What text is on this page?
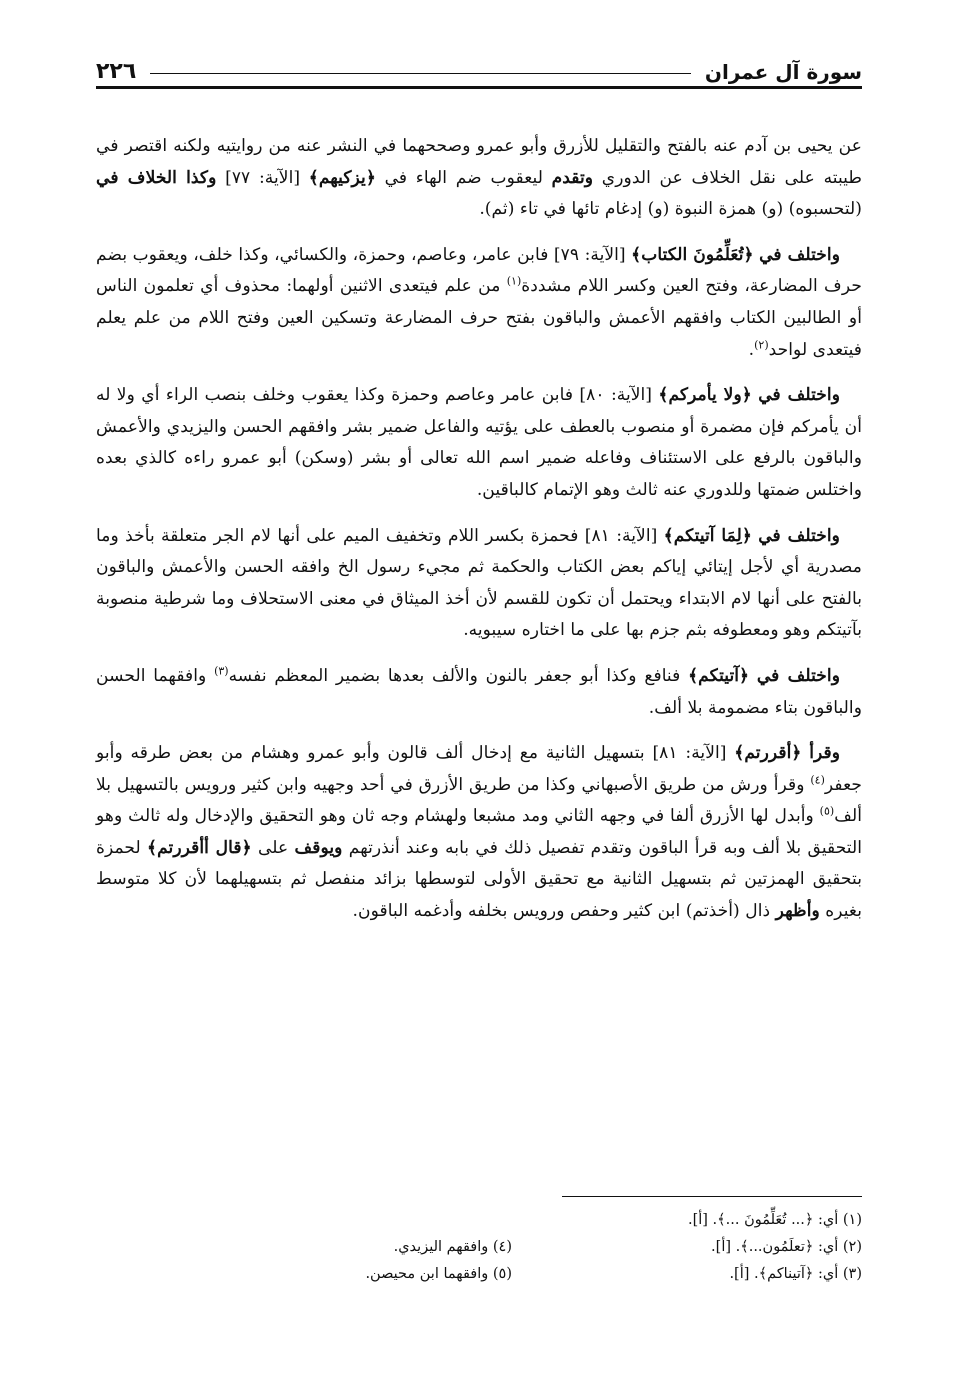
سورة آل عمران
٢٢٦

عن يحيى بن آدم عنه بالفتح والتقليل للأزرق وأبو عمرو وصححهما في النشر عنه من روايتيه ولكنه اقتصر في طيبته على نقل الخلاف عن الدوري وتقدم ليعقوب ضم الهاء في ﴿يزكيهم﴾ [الآية: ٧٧] وكذا الخلاف في (لتحسبوه) (و) همزة النبوة (و) إدغام تائها في تاء (ثم).

واختلف في ﴿تُعَلِّمُونَ الكتاب﴾ [الآية: ٧٩] فابن عامر، وعاصم، وحمزة، والكسائي، وكذا خلف، ويعقوب بضم حرف المضارعة، وفتح العين وكسر اللام مشددة$^{(١)}$ من علم فيتعدى الاثنين أولهما: محذوف أي تعلمون الناس أو الطالبين الكتاب وافقهم الأعمش والباقون بفتح حرف المضارعة وتسكين العين وفتح اللام من علم يعلم فيتعدى لواحد$^{(٢)}$.

واختلف في ﴿ولا يأمركم﴾ [الآية: ٨٠] فابن عامر وعاصم وحمزة وكذا يعقوب وخلف بنصب الراء أي ولا له أن يأمركم فإن مضمرة أو منصوب بالعطف على يؤتيه والفاعل ضمير بشر وافقهم الحسن واليزيدي والأعمش والباقون بالرفع على الاستئناف وفاعله ضمير اسم الله تعالى أو بشر (وسكن) أبو عمرو راءه كالذي بعده واختلس ضمتها وللدوري عنه ثالث وهو الإتمام كالباقين.

واختلف في ﴿لِمَا آتيتكم﴾ [الآية: ٨١] فحمزة بكسر اللام وتخفيف الميم على أنها لام الجر متعلقة بأخذ وما مصدرية أي لأجل إيتائي إياكم بعض الكتاب والحكمة ثم مجيء رسول الخ وافقه الحسن والأعمش والباقون بالفتح على أنها لام الابتداء ويحتمل أن تكون للقسم لأن أخذ الميثاق في معنى الاستحلاف وما شرطية منصوبة بآتيتكم وهو ومعطوفه بثم جزم بها على ما اختاره سيبويه.

واختلف في ﴿آتيتكم﴾ فنافع وكذا أبو جعفر بالنون والألف بعدها بضمير المعظم نفسه$^{(٣)}$ وافقهما الحسن والباقون بتاء مضمومة بلا ألف.

وقرأ ﴿أقررتم﴾ [الآية: ٨١] بتسهيل الثانية مع إدخال ألف قالون وأبو عمرو وهشام من بعض طرقه وأبو جعفر$^{(٤)}$ وقرأ ورش من طريق الأصبهاني وكذا من طريق الأزرق في أحد وجهيه وابن كثير ورويس بالتسهيل بلا ألف$^{(٥)}$ وأبدل لها الأزرق ألفا في وجهه الثاني ومد مشبعا ولهشام وجه ثان وهو التحقيق والإدخال وله ثالث وهو التحقيق بلا ألف وبه قرأ الباقون وتقدم تفصيل ذلك في بابه وعند أنذرتهم ويوقف على ﴿قال أأقررتم﴾ لحمزة بتحقيق الهمزتين ثم بتسهيل الثانية مع تحقيق الأولى لتوسطها بزائد منفصل ثم بتسهيلهما لأن كلا متوسط بغيره وأظهر ذال (أخذتم) ابن كثير وحفص ورويس بخلفه وأدغمه الباقون.

(١) أي: ﴿... تُعَلِّمُونَ ...﴾. [أ].
(٢) أي: ﴿تعلَمُون...﴾. [أ].
(٤) وافقهم اليزيدي.
(٣) أي: ﴿آتيناكم﴾. [أ].
(٥) وافقهما ابن محيصن.
